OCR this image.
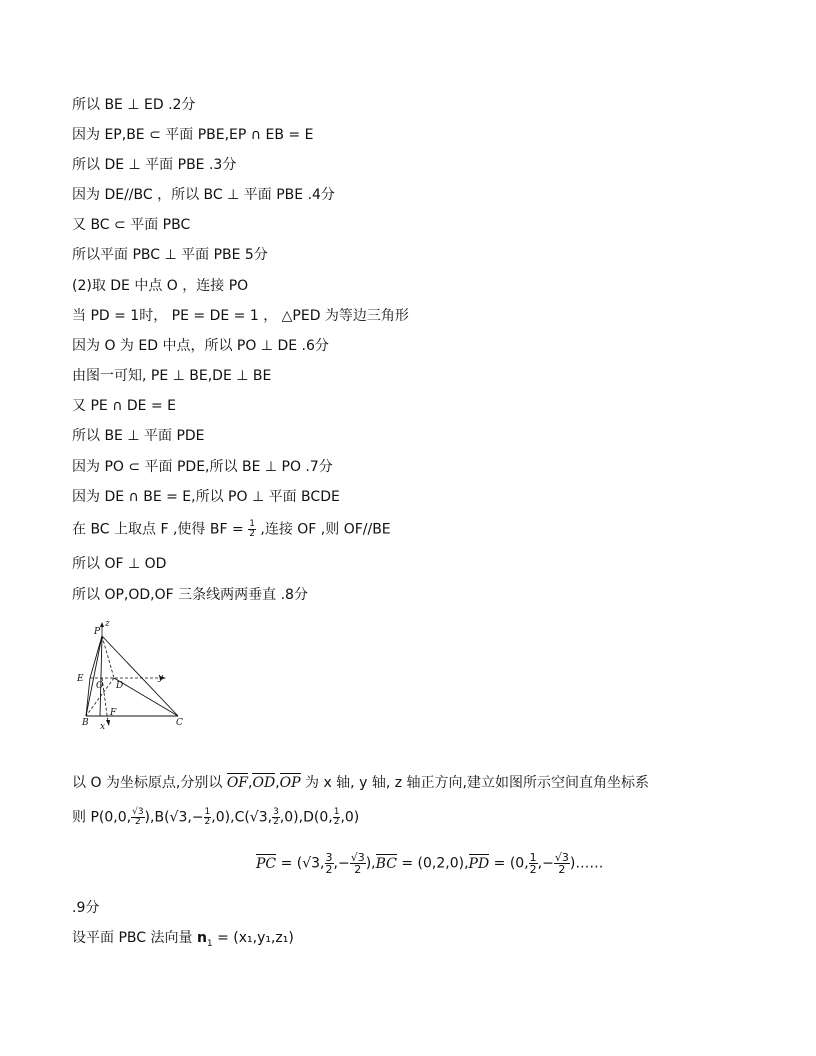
所以 BE ⊥ ED .2分
因为 EP,BE ⊂ 平面 PBE,EP ∩ EB = E
所以 DE ⊥ 平面 PBE .3分
因为 DE//BC ，所以 BC ⊥ 平面 PBE .4分
又 BC ⊂ 平面 PBC
所以平面 PBC ⊥ 平面 PBE 5分
(2)取 DE 中点 O ，连接 PO
当 PD = 1时， PE = DE = 1 ， △PED 为等边三角形
因为 O 为 ED 中点，所以 PO ⊥ DE .6分
由图一可知, PE ⊥ BE,DE ⊥ BE
又 PE ∩ DE = E
所以 BE ⊥ 平面 PDE
因为 PO ⊂ 平面 PDE,所以 BE ⊥ PO .7分
因为 DE ∩ BE = E,所以 PO ⊥ 平面 BCDE
在 BC 上取点 F ,使得 BF = $\frac{1}{2}$ ,连接 OF ,则 OF//BE
所以 OF ⊥ OD
所以 OP,OD,OF 三条线两两垂直 .8分
P
z
E
O D
y
B
F
C
x
以 O 为坐标原点,分别以 OF,OD,OP 为 x 轴, y 轴, z 轴正方向,建立如图所示空间直角坐标系
则 P(0,0, $\frac{√3}{2} ),B(√3,- \frac{1}{2} ,0),C(√3$, $\frac{3}{2} ,0),D(0$, $\frac{1}{2} ,0$)
PC = (√3, $\frac{3}{2}$ ,− $\frac{√3}{2} ),BC = (0,2,0),PD = (0$, $\frac{1}{2}$ ,− $\frac{√3}{2}$ )……
.9分
设平面 PBC 法向量 $n_1 = (x_1,y_1,z_1)$
